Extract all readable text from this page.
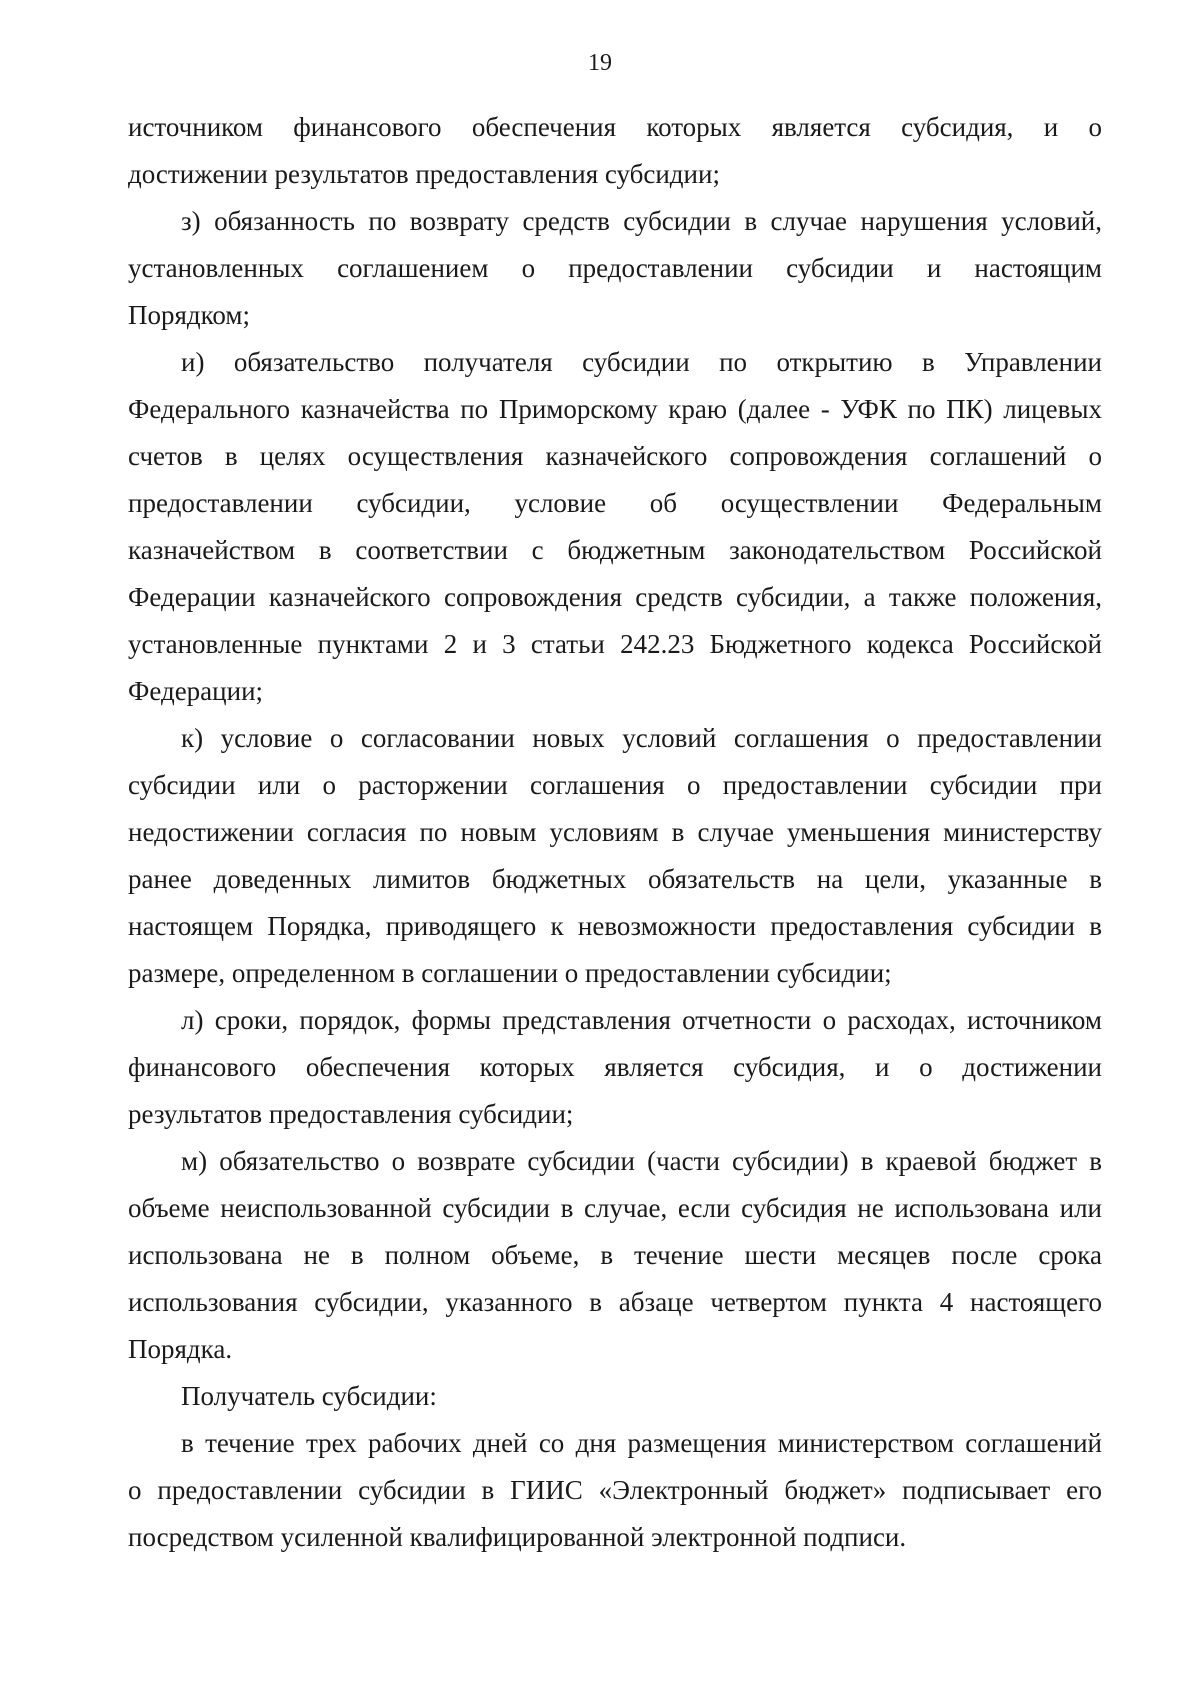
19
источником финансового обеспечения которых является субсидия, и о
достижении результатов предоставления субсидии;
з) обязанность по возврату средств субсидии в случае нарушения условий,
установленных соглашением о предоставлении субсидии и настоящим
Порядком;
и) обязательство получателя субсидии по открытию в Управлении
Федерального казначейства по Приморскому краю (далее - УФК по ПК) лицевых
счетов в целях осуществления казначейского сопровождения соглашений о
предоставлении субсидии, условие об осуществлении Федеральным
казначейством в соответствии с бюджетным законодательством Российской
Федерации казначейского сопровождения средств субсидии, а также положения,
установленные пунктами 2 и 3 статьи 242.23 Бюджетного кодекса Российской
Федерации;
к) условие о согласовании новых условий соглашения о предоставлении
субсидии или о расторжении соглашения о предоставлении субсидии при
недостижении согласия по новым условиям в случае уменьшения министерству
ранее доведенных лимитов бюджетных обязательств на цели, указанные в
настоящем Порядка, приводящего к невозможности предоставления субсидии в
размере, определенном в соглашении о предоставлении субсидии;
л) сроки, порядок, формы представления отчетности о расходах, источником
финансового обеспечения которых является субсидия, и о достижении
результатов предоставления субсидии;
м) обязательство о возврате субсидии (части субсидии) в краевой бюджет в
объеме неиспользованной субсидии в случае, если субсидия не использована или
использована не в полном объеме, в течение шести месяцев после срока
использования субсидии, указанного в абзаце четвертом пункта 4 настоящего
Порядка.
Получатель субсидии:
в течение трех рабочих дней со дня размещения министерством соглашений
о предоставлении субсидии в ГИИС «Электронный бюджет» подписывает его
посредством усиленной квалифицированной электронной подписи.
